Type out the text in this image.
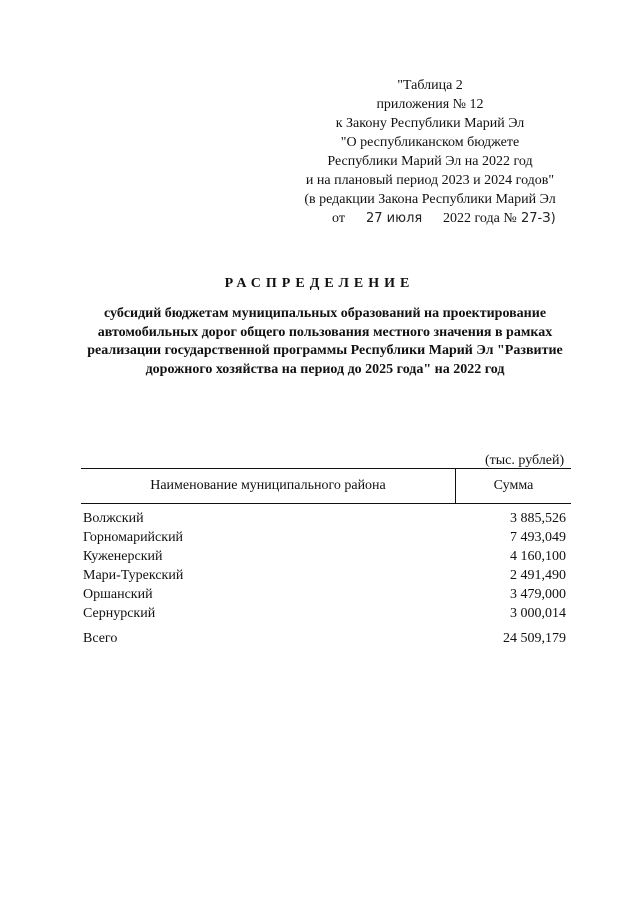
"Таблица 2
приложения № 12
к Закону Республики Марий Эл
"О республиканском бюджете
Республики Марий Эл на 2022 год
и на плановый период 2023 и 2024 годов"
(в редакции Закона Республики Марий Эл
от 27 июля 2022 года № 27-З)
РАСПРЕДЕЛЕНИЕ
субсидий бюджетам муниципальных образований на проектирование автомобильных дорог общего пользования местного значения в рамках реализации государственной программы Республики Марий Эл "Развитие дорожного хозяйства на период до 2025 года" на 2022 год
(тыс. рублей)
Наименование муниципального района	Сумма
Волжский	3 885,526
Горномарийский	7 493,049
Куженерский	4 160,100
Мари-Турекский	2 491,490
Оршанский	3 479,000
Сернурский	3 000,014
Всего	24 509,179
